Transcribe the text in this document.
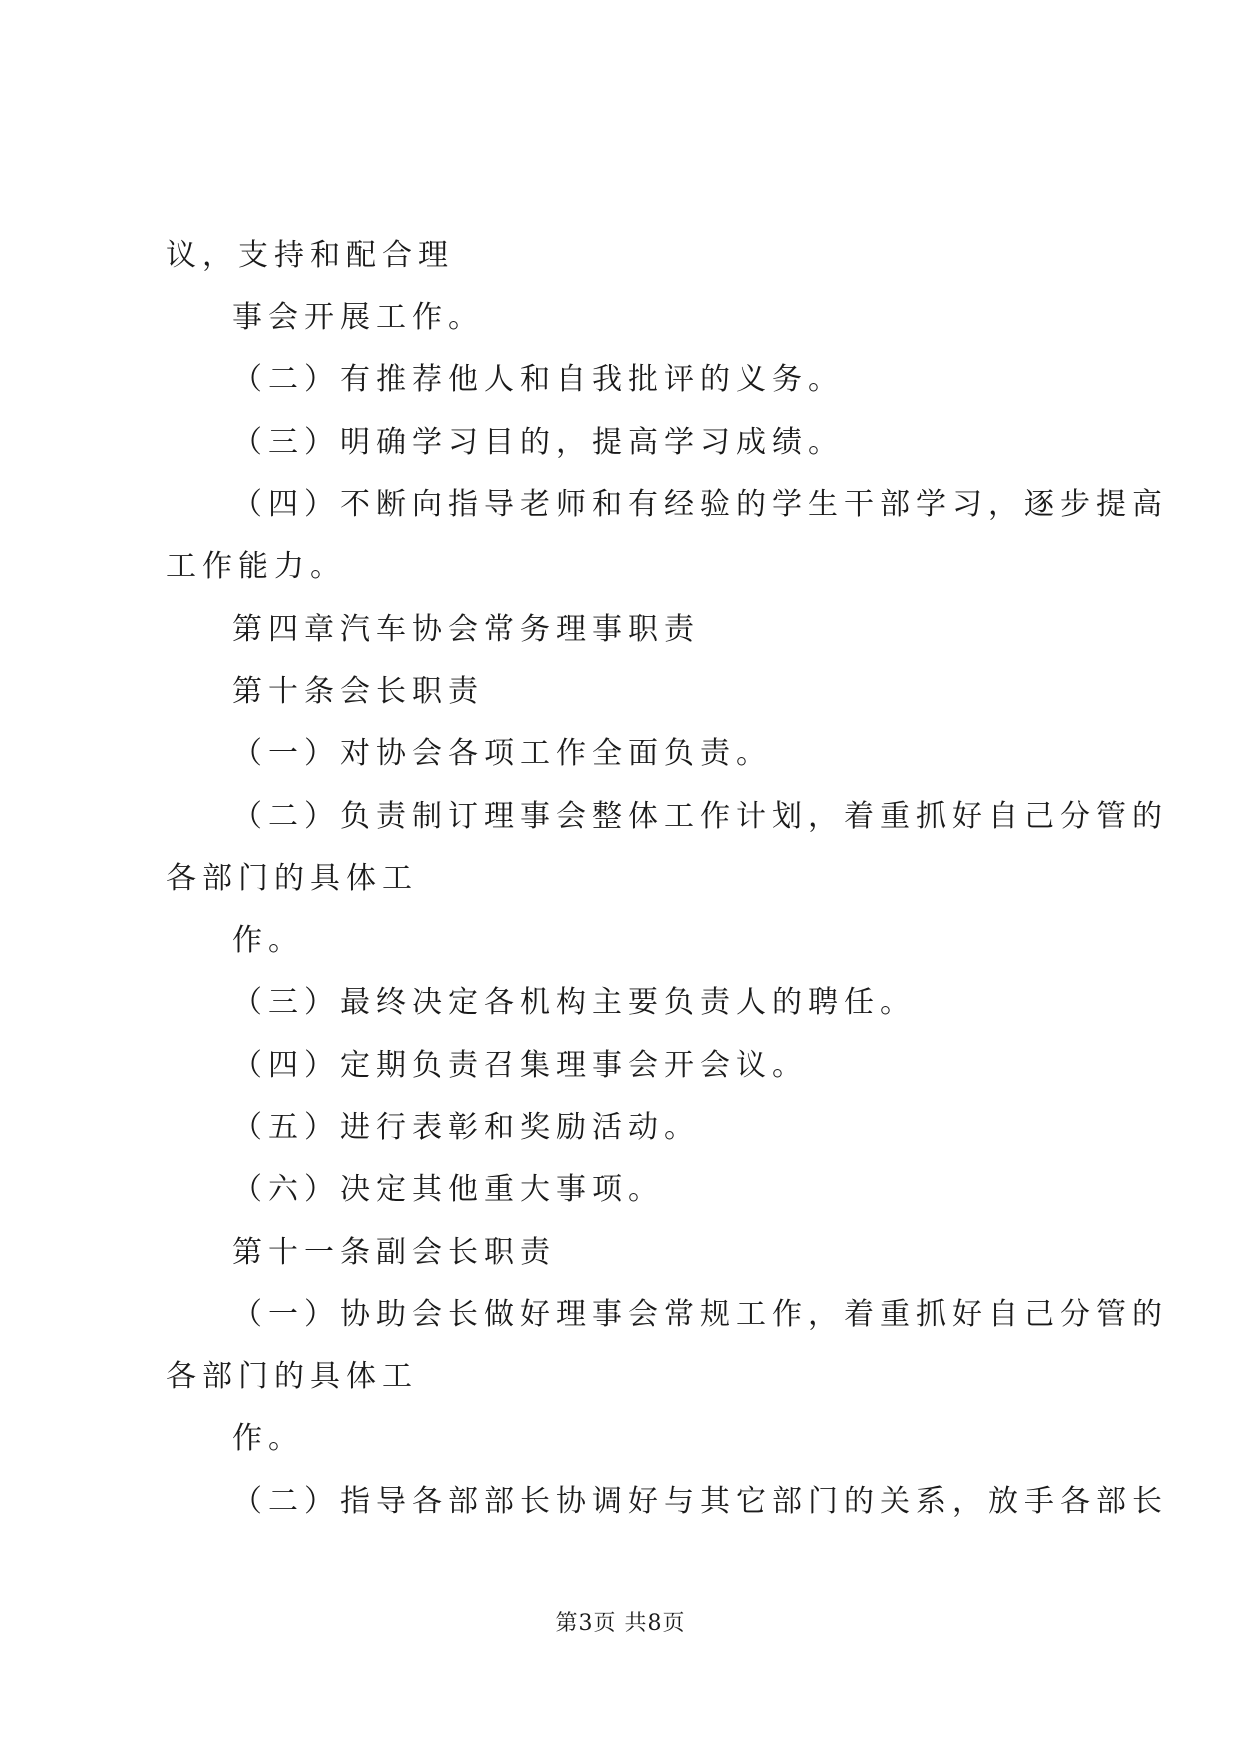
议，支持和配合理
事会开展工作。
（二）有推荐他人和自我批评的义务。
（三）明确学习目的，提高学习成绩。
（四）不断向指导老师和有经验的学生干部学习，逐步提高
工作能力。
第四章汽车协会常务理事职责
第十条会长职责
（一）对协会各项工作全面负责。
（二）负责制订理事会整体工作计划，着重抓好自己分管的
各部门的具体工
作。
（三）最终决定各机构主要负责人的聘任。
（四）定期负责召集理事会开会议。
（五）进行表彰和奖励活动。
（六）决定其他重大事项。
第十一条副会长职责
（一）协助会长做好理事会常规工作，着重抓好自己分管的
各部门的具体工
作。
（二）指导各部部长协调好与其它部门的关系，放手各部长
第3页 共8页
